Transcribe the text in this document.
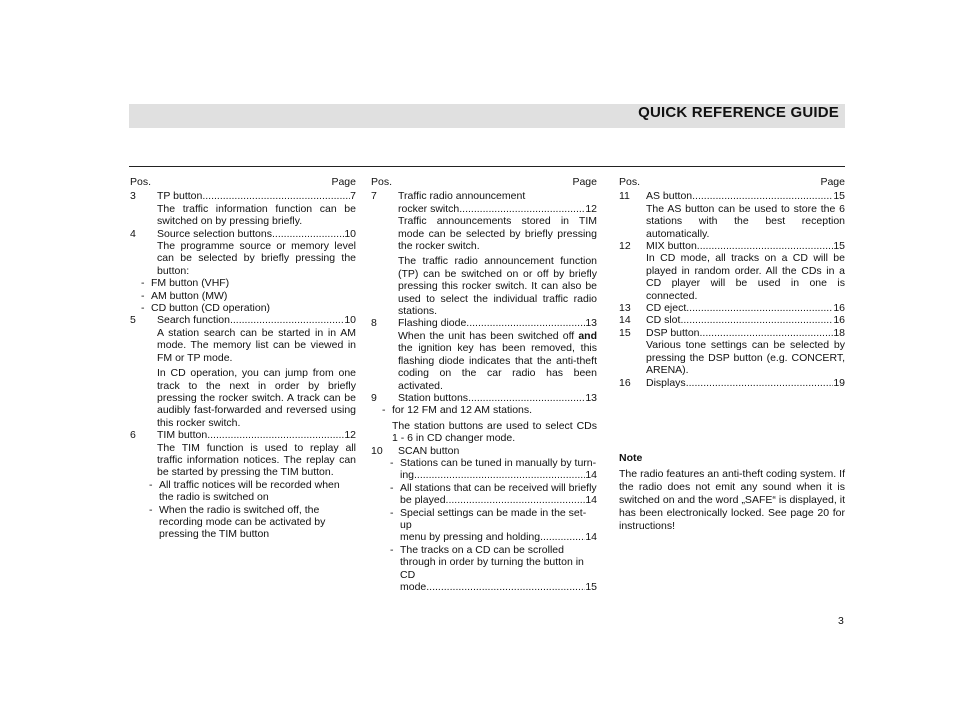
QUICK REFERENCE GUIDE
Pos.	Page
3	TP button .....	7
The traffic information function can be switched on by pressing briefly.
4	Source selection buttons .....	10
The programme source or memory level can be selected by briefly pressing the button:
- FM button (VHF)
- AM button (MW)
- CD button (CD operation)
5	Search function .....	10
A station search can be started in in AM mode. The memory list can be viewed in FM or TP mode.
In CD operation, you can jump from one track to the next in order by briefly pressing the rocker switch. A track can be audibly fast-forwarded and reversed using this rocker switch.
6	TIM button .....	12
The TIM function is used to replay all traffic information notices. The replay can be started by pressing the TIM button.
- All traffic notices will be recorded when the radio is switched on
- When the radio is switched off, the recording mode can be activated by pressing the TIM button
Pos.	Page
7	Traffic radio announcement
rocker switch .....	12
Traffic announcements stored in TIM mode can be selected by briefly pressing the rocker switch.
The traffic radio announcement function (TP) can be switched on or off by briefly pressing this rocker switch. It can also be used to select the individual traffic radio stations.
8	Flashing diode .....	13
When the unit has been switched off and the ignition key has been removed, this flashing diode indicates that the anti-theft coding on the car radio has been activated.
9	Station buttons .....	13
- for 12 FM and 12 AM stations.
The station buttons are used to select CDs 1 - 6 in CD changer mode.
10	SCAN button
- Stations can be tuned in manually by turn-
ing .....	14
- All stations that can be received will briefly
be played .....	14
- Special settings can be made in the set-up
menu by pressing and holding. .....	14
- The tracks on a CD can be scrolled through in order by turning the button in CD
mode .....	15
Pos.	Page
11	AS button .....	15
The AS button can be used to store the 6 stations with the best reception automatically.
12	MIX button .....	15
In CD mode, all tracks on a CD will be played in random order. All the CDs in a CD player will be used in one is connected.
13	CD eject .....	16
14	CD slot .....	16
15	DSP button .....	18
Various tone settings can be selected by pressing the DSP button (e.g. CONCERT, ARENA).
16	Displays .....	19
Note
The radio features an anti-theft coding system. If the radio does not emit any sound when it is switched on and the word „SAFE“ is displayed, it has been electronically locked. See page 20 for instructions!
3
